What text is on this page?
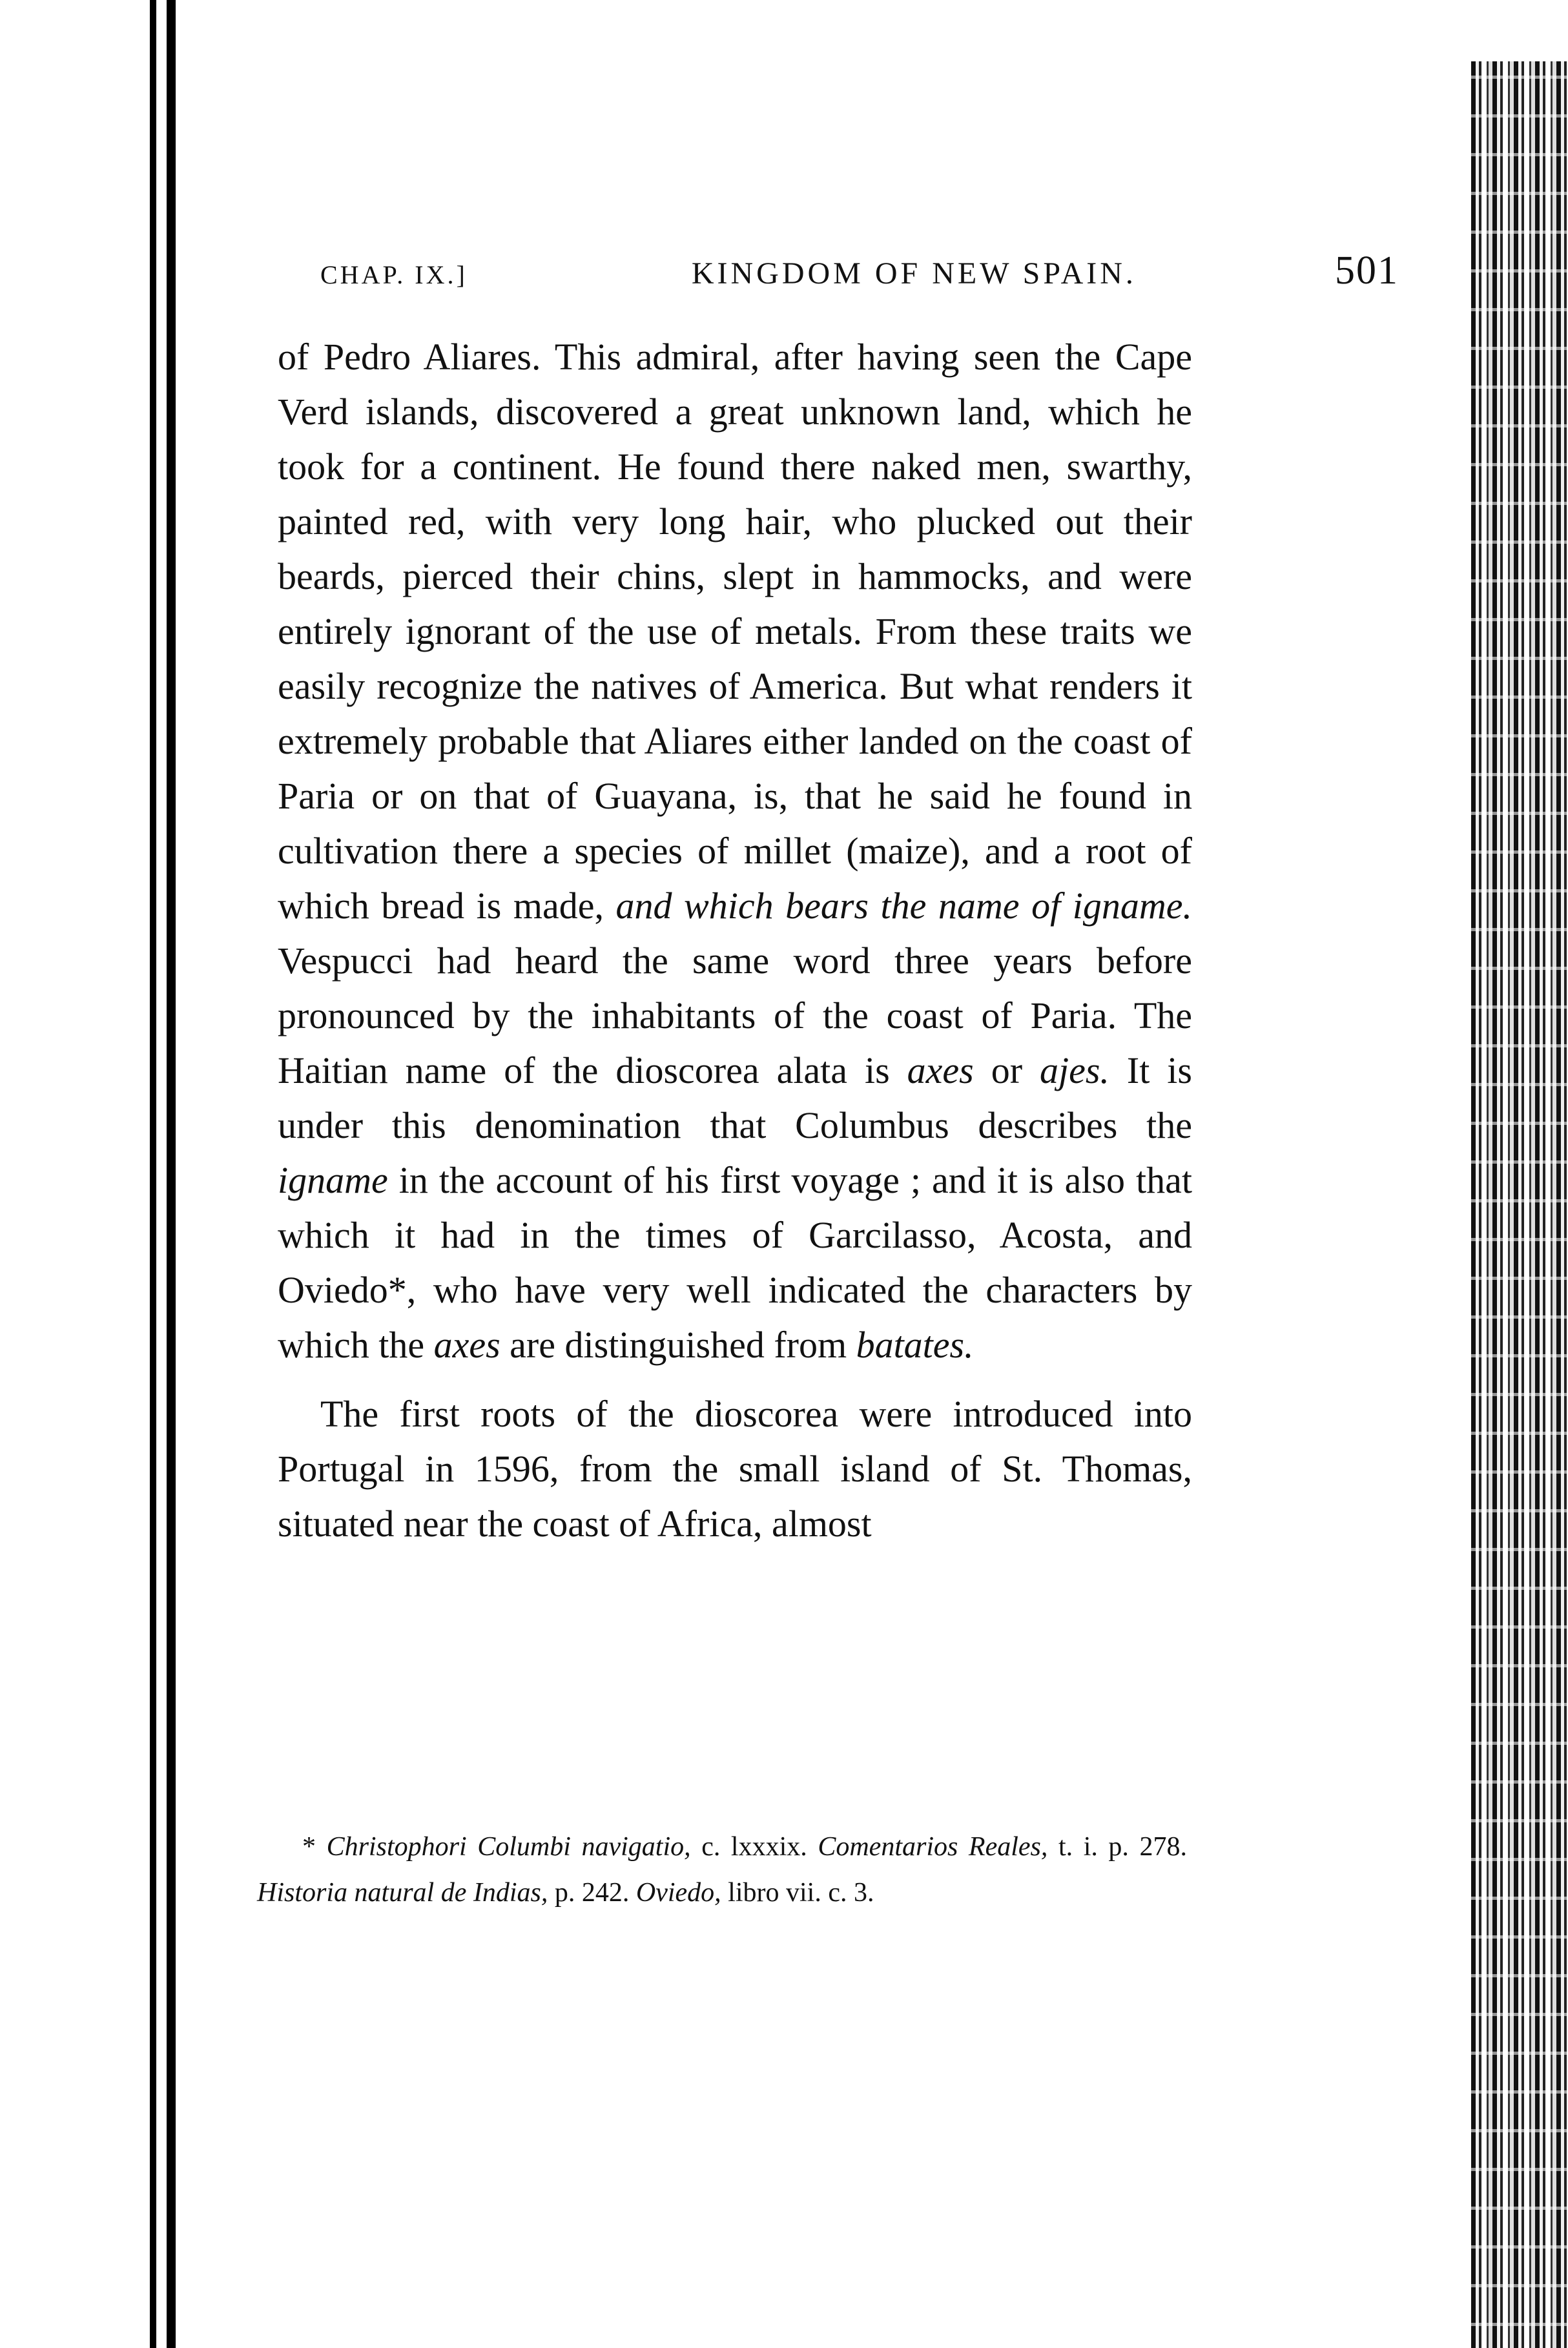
CHAP. IX.]	KINGDOM OF NEW SPAIN.	501

of Pedro Aliares. This admiral, after having seen the Cape Verd islands, discovered a great unknown land, which he took for a continent. He found there naked men, swarthy, painted red, with very long hair, who plucked out their beards, pierced their chins, slept in hammocks, and were entirely ignorant of the use of metals. From these traits we easily recognize the natives of America. But what renders it extremely probable that Aliares either landed on the coast of Paria or on that of Guayana, is, that he said he found in cultivation there a species of millet (maize), and a root of which bread is made, and which bears the name of igname. Vespucci had heard the same word three years before pronounced by the inhabitants of the coast of Paria. The Haitian name of the dioscorea alata is axes or ajes. It is under this denomination that Columbus describes the igname in the account of his first voyage ; and it is also that which it had in the times of Garcilasso, Acosta, and Oviedo*, who have very well indicated the characters by which the axes are distinguished from batates.

The first roots of the dioscorea were introduced into Portugal in 1596, from the small island of St. Thomas, situated near the coast of Africa, almost

* Christophori Columbi navigatio, c. lxxxix. Comentarios Reales, t. i. p. 278. Historia natural de Indias, p. 242. Oviedo, libro vii. c. 3.
